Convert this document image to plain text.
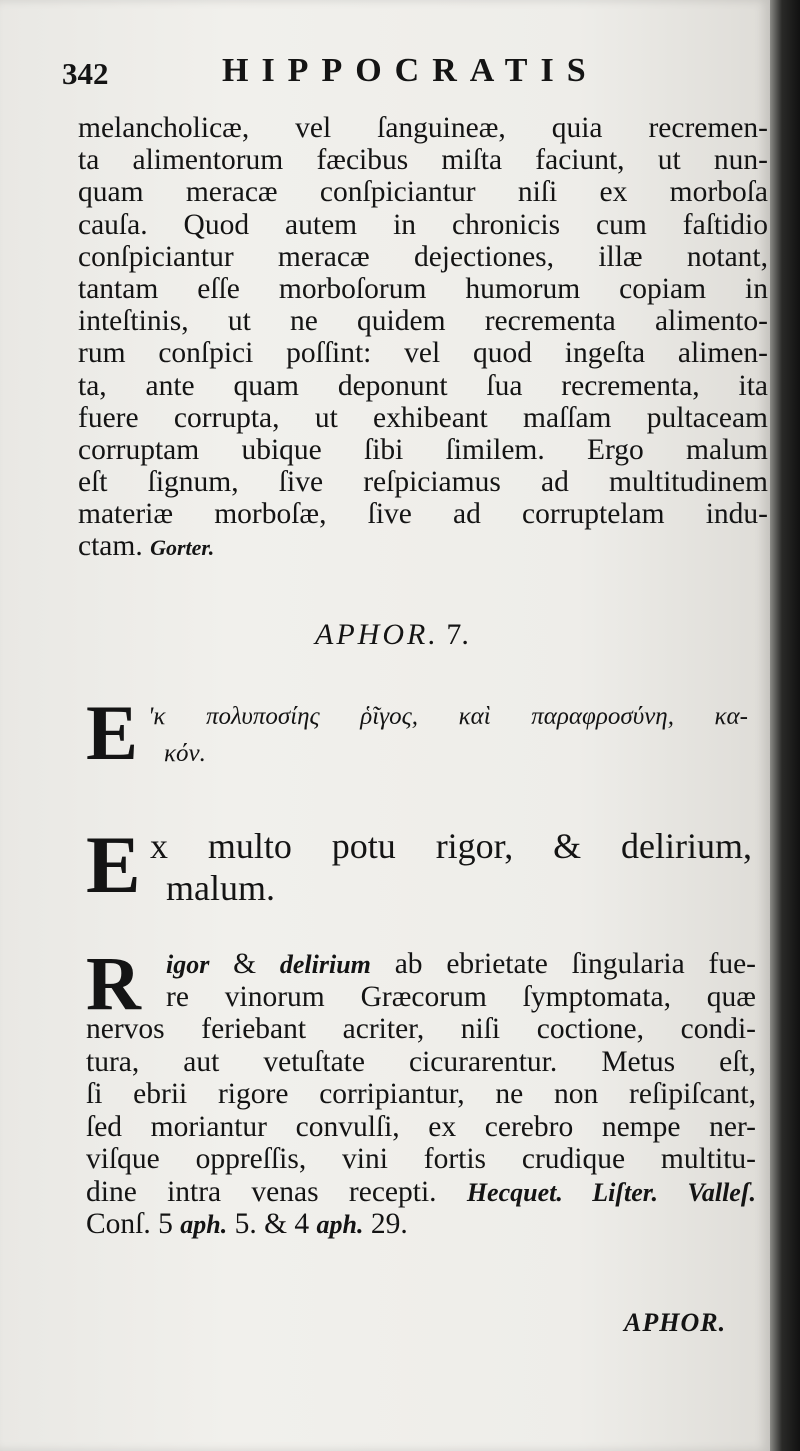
342	HIPPOCRATIS
melancholicæ, vel ſanguineæ, quia recremen-
ta alimentorum fæcibus miſta faciunt, ut nun-
quam meracæ conſpiciantur niſi ex morboſa
cauſa. Quod autem in chronicis cum faſtidio
conſpiciantur meracæ dejectiones, illæ notant,
tantam eſſe morboſorum humorum copiam in
inteſtinis, ut ne quidem recrementa alimento-
rum conſpici poſſint: vel quod ingeſta alimen-
ta, ante quam deponunt ſua recrementa, ita
fuere corrupta, ut exhibeant maſſam pultaceam
corruptam ubique ſibi ſimilem. Ergo malum
eſt ſignum, ſive reſpiciamus ad multitudinem
materiæ morboſæ, ſive ad corruptelam indu-
ctam. Gorter.
APHOR. 7.
E 'κ πολυποσίης ῥῖγος, καὶ παραφροσύνη, κα-
κόν.
E x multo potu rigor, & delirium,
malum.
R igor & delirium ab ebrietate ſingularia fue-
re vinorum Græcorum ſymptomata, quæ
nervos feriebant acriter, niſi coctione, condi-
tura, aut vetuſtate cicurarentur. Metus eſt,
ſi ebrii rigore corripiantur, ne non reſipiſcant,
ſed moriantur convulſi, ex cerebro nempe ner-
viſque oppreſſis, vini fortis crudique multitu-
dine intra venas recepti. Hecquet. Liſter. Valleſ.
Conſ. 5 aph. 5. & 4 aph. 29.
APHOR.
